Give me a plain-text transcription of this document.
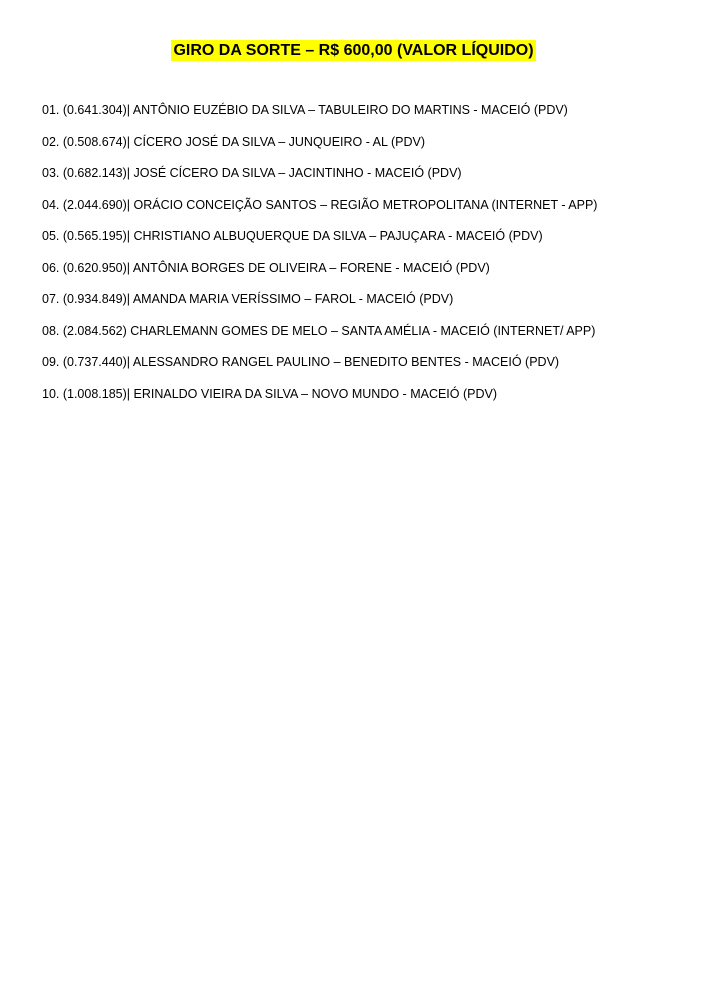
GIRO DA SORTE – R$ 600,00 (VALOR LÍQUIDO)
01. (0.641.304)| ANTÔNIO EUZÉBIO DA SILVA – TABULEIRO DO MARTINS - MACEIÓ (PDV)
02. (0.508.674)| CÍCERO JOSÉ DA SILVA – JUNQUEIRO - AL (PDV)
03. (0.682.143)| JOSÉ CÍCERO DA SILVA – JACINTINHO - MACEIÓ (PDV)
04. (2.044.690)| ORÁCIO CONCEIÇÃO SANTOS – REGIÃO METROPOLITANA (INTERNET - APP)
05. (0.565.195)| CHRISTIANO ALBUQUERQUE DA SILVA – PAJUÇARA - MACEIÓ (PDV)
06. (0.620.950)| ANTÔNIA BORGES DE OLIVEIRA – FORENE - MACEIÓ (PDV)
07. (0.934.849)| AMANDA MARIA VERÍSSIMO – FAROL - MACEIÓ (PDV)
08. (2.084.562) CHARLEMANN GOMES DE MELO – SANTA AMÉLIA - MACEIÓ (INTERNET/ APP)
09. (0.737.440)| ALESSANDRO RANGEL PAULINO – BENEDITO BENTES - MACEIÓ (PDV)
10. (1.008.185)| ERINALDO VIEIRA DA SILVA – NOVO MUNDO - MACEIÓ (PDV)
